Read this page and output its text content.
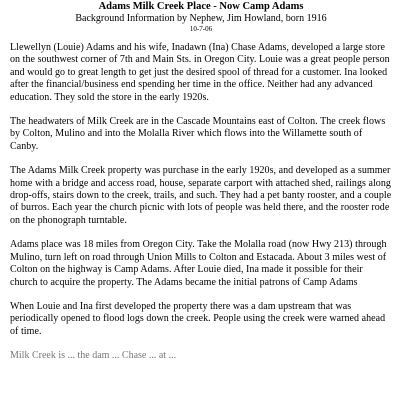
Adams Milk Creek Place - Now Camp Adams

Background Information by Nephew, Jim Howland, born 1916

10-7-06

Llewellyn (Louie) Adams and his wife, Inadawn (Ina) Chase Adams, developed a large store on the southwest corner of 7th and Main Sts. in Oregon City. Louie was a great people person and would go to great length to get just the desired spool of thread for a customer. Ina looked after the financial/business end spending her time in the office. Neither had any advanced education. They sold the store in the early 1920s.

The headwaters of Milk Creek are in the Cascade Mountains east of Colton. The creek flows by Colton, Mulino and into the Molalla River which flows into the Willamette south of Canby.

The Adams Milk Creek property was purchase in the early 1920s, and developed as a summer home with a bridge and access road, house, separate carport with attached shed, railings along drop-offs, stairs down to the creek, trails, and such. They had a pet banty rooster, and a couple of burros. Each year the church picnic with lots of people was held there, and the rooster rode on the phonograph turntable.

Adams place was 18 miles from Oregon City. Take the Molalla road (now Hwy 213) through Mulino, turn left on road through Union Mills to Colton and Estacada. About 3 miles west of Colton on the highway is Camp Adams. After Louie died, Ina made it possible for their church to acquire the property. The Adams became the initial patrons of Camp Adams

When Louie and Ina first developed the property there was a dam upstream that was periodically opened to flood logs down the creek. People using the creek were warned ahead of time.

Milk Creek is ... the dam ... Chase ... at ...
